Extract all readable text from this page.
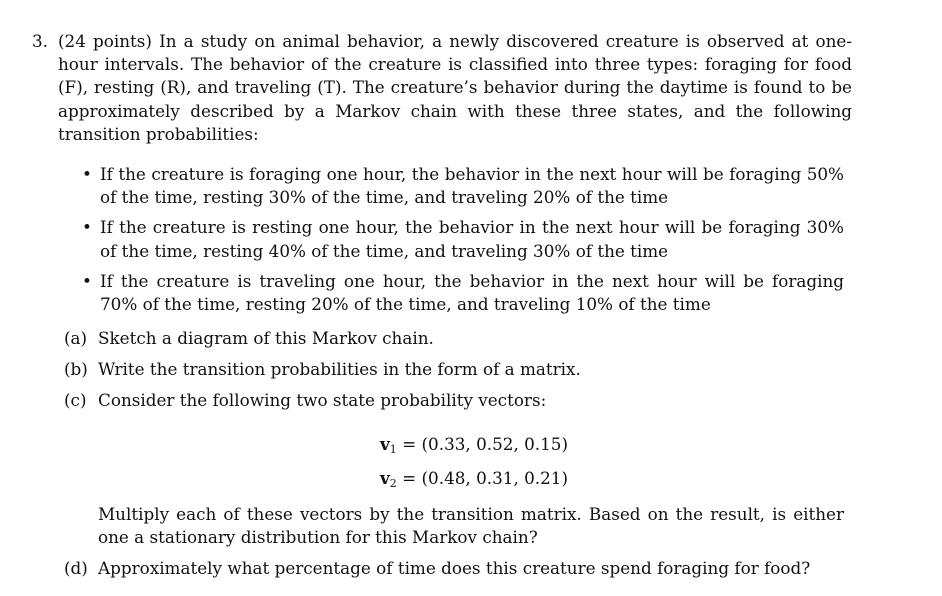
3. (24 points) In a study on animal behavior, a newly discovered creature is observed at one-hour intervals. The behavior of the creature is classified into three types: foraging for food (F), resting (R), and traveling (T). The creature’s behavior during the daytime is found to be approximately described by a Markov chain with these three states, and the following transition probabilities:
• If the creature is foraging one hour, the behavior in the next hour will be foraging 50% of the time, resting 30% of the time, and traveling 20% of the time
• If the creature is resting one hour, the behavior in the next hour will be foraging 30% of the time, resting 40% of the time, and traveling 30% of the time
• If the creature is traveling one hour, the behavior in the next hour will be foraging 70% of the time, resting 20% of the time, and traveling 10% of the time
(a) Sketch a diagram of this Markov chain.
(b) Write the transition probabilities in the form of a matrix.
(c) Consider the following two state probability vectors:
$v_1 = (0.33$, 0.52, 0.15)
$v_2 = (0.48$, 0.31, 0.21)
Multiply each of these vectors by the transition matrix. Based on the result, is either one a stationary distribution for this Markov chain?
(d) Approximately what percentage of time does this creature spend foraging for food?
